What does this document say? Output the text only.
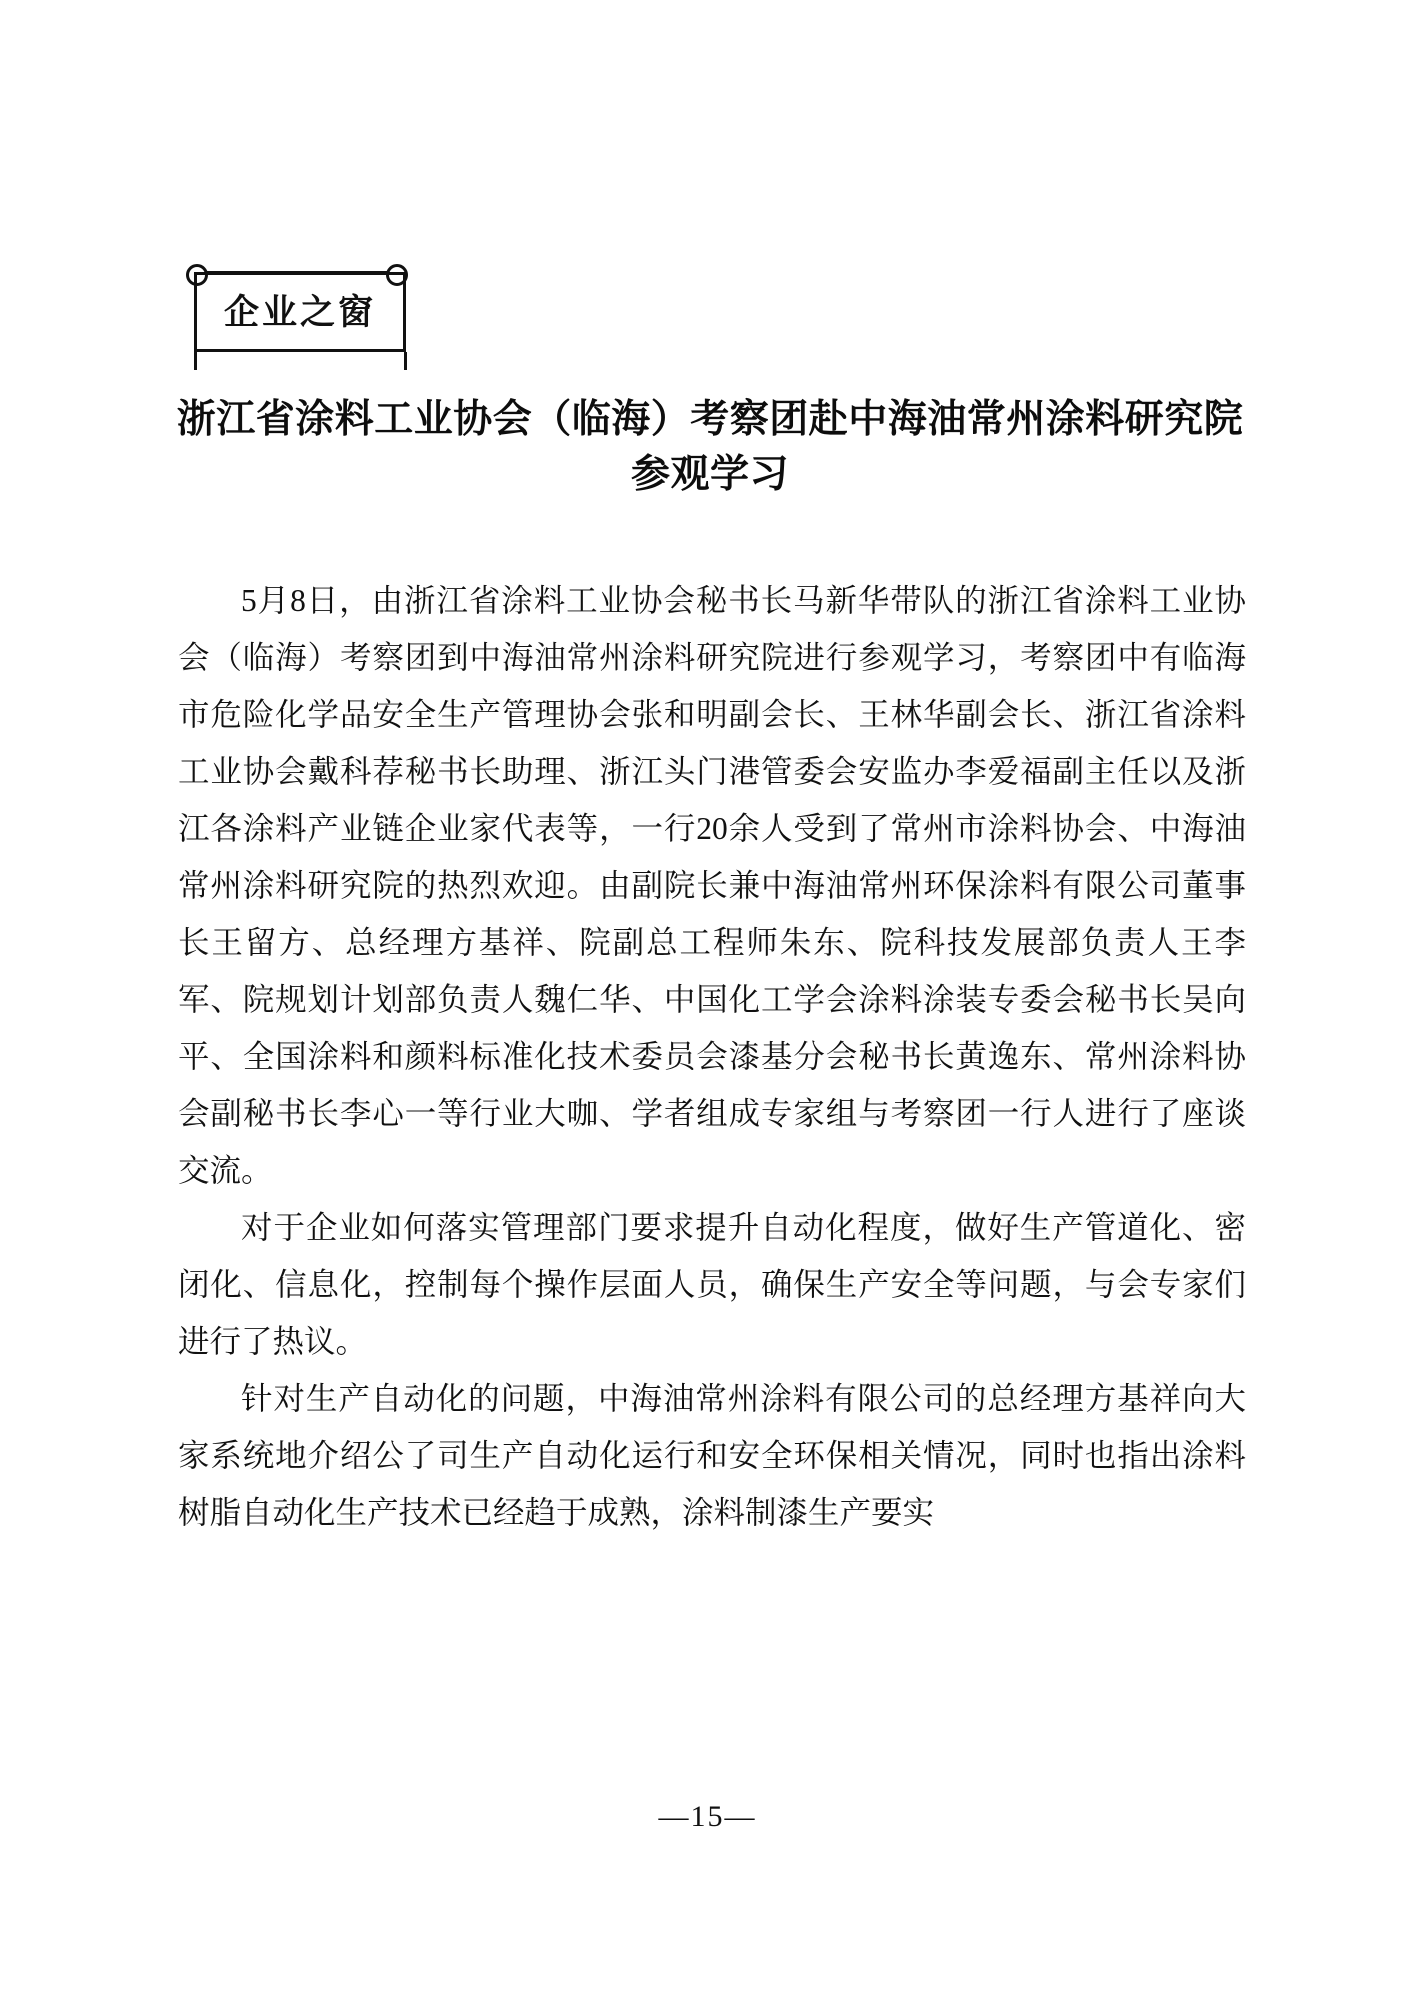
企业之窗
浙江省涂料工业协会（临海）考察团赴中海油常州涂料研究院参观学习

5月8日，由浙江省涂料工业协会秘书长马新华带队的浙江省涂料工业协会（临海）考察团到中海油常州涂料研究院进行参观学习，考察团中有临海市危险化学品安全生产管理协会张和明副会长、王林华副会长、浙江省涂料工业协会戴科荐秘书长助理、浙江头门港管委会安监办李爱福副主任以及浙江各涂料产业链企业家代表等，一行20余人受到了常州市涂料协会、中海油常州涂料研究院的热烈欢迎。由副院长兼中海油常州环保涂料有限公司董事长王留方、总经理方基祥、院副总工程师朱东、院科技发展部负责人王李军、院规划计划部负责人魏仁华、中国化工学会涂料涂装专委会秘书长吴向平、全国涂料和颜料标准化技术委员会漆基分会秘书长黄逸东、常州涂料协会副秘书长李心一等行业大咖、学者组成专家组与考察团一行人进行了座谈交流。

对于企业如何落实管理部门要求提升自动化程度，做好生产管道化、密闭化、信息化，控制每个操作层面人员，确保生产安全等问题，与会专家们进行了热议。

针对生产自动化的问题，中海油常州涂料有限公司的总经理方基祥向大家系统地介绍公了司生产自动化运行和安全环保相关情况，同时也指出涂料树脂自动化生产技术已经趋于成熟，涂料制漆生产要实

—15—
